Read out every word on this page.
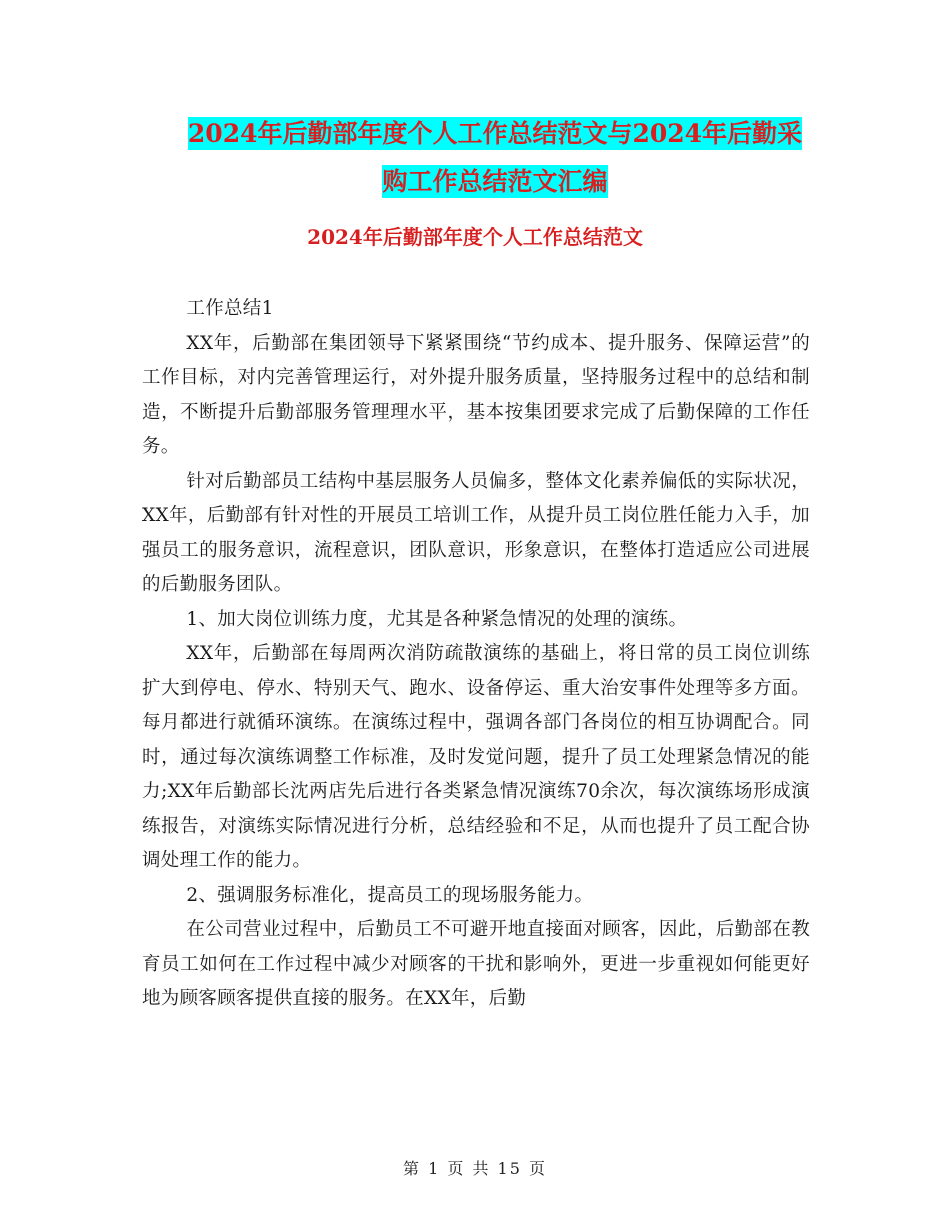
2024年后勤部年度个人工作总结范文与2024年后勤采
购工作总结范文汇编
2024年后勤部年度个人工作总结范文

工作总结1

XX年，后勤部在集团领导下紧紧围绕“节约成本、提升服务、保障运营”的工作目标，对内完善管理运行，对外提升服务质量，坚持服务过程中的总结和制造，不断提升后勤部服务管理理水平，基本按集团要求完成了后勤保障的工作任务。

针对后勤部员工结构中基层服务人员偏多，整体文化素养偏低的实际状况，XX年，后勤部有针对性的开展员工培训工作，从提升员工岗位胜任能力入手，加强员工的服务意识，流程意识，团队意识，形象意识，在整体打造适应公司进展的后勤服务团队。

1、加大岗位训练力度，尤其是各种紧急情况的处理的演练。

XX年，后勤部在每周两次消防疏散演练的基础上，将日常的员工岗位训练扩大到停电、停水、特别天气、跑水、设备停运、重大治安事件处理等多方面。每月都进行就循环演练。在演练过程中，强调各部门各岗位的相互协调配合。同时，通过每次演练调整工作标准，及时发觉问题，提升了员工处理紧急情况的能力;XX年后勤部长沈两店先后进行各类紧急情况演练70余次，每次演练场形成演练报告，对演练实际情况进行分析，总结经验和不足，从而也提升了员工配合协调处理工作的能力。

2、强调服务标准化，提高员工的现场服务能力。

在公司营业过程中，后勤员工不可避开地直接面对顾客，因此，后勤部在教育员工如何在工作过程中减少对顾客的干扰和影响外，更进一步重视如何能更好地为顾客顾客提供直接的服务。在XX年，后勤

第 1 页 共 15 页
